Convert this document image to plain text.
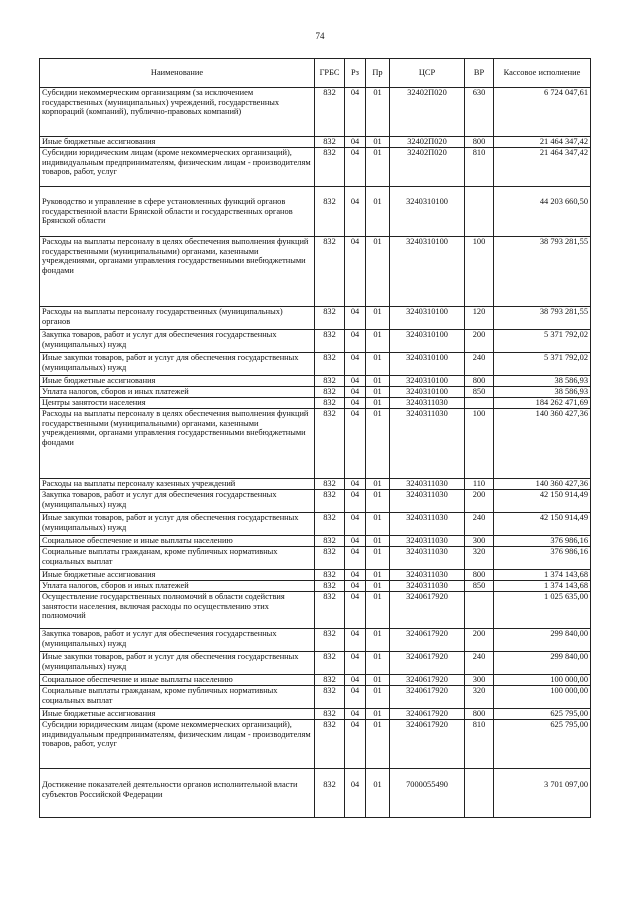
74
Наименование	ГРБС	Рз	Пр	ЦСР	ВР	Кассовое исполнение
Субсидии некоммерческим организациям (за исключением государственных (муниципальных) учреждений, государственных корпораций (компаний), публично-правовых компаний)	832	04	01	32402П020	630	6 724 047,61
Иные бюджетные ассигнования	832	04	01	32402П020	800	21 464 347,42
Субсидии юридическим лицам (кроме некоммерческих организаций), индивидуальным предпринимателям, физическим лицам - производителям товаров, работ, услуг	832	04	01	32402П020	810	21 464 347,42
Руководство и управление в сфере установленных функций органов государственной власти Брянской области и государственных органов Брянской области	832	04	01	3240310100		44 203 660,50
Расходы на выплаты персоналу в целях обеспечения выполнения функций государственными (муниципальными) органами, казенными учреждениями, органами управления государственными внебюджетными фондами	832	04	01	3240310100	100	38 793 281,55
Расходы на выплаты персоналу государственных (муниципальных) органов	832	04	01	3240310100	120	38 793 281,55
Закупка товаров, работ и услуг для обеспечения государственных (муниципальных) нужд	832	04	01	3240310100	200	5 371 792,02
Иные закупки товаров, работ и услуг для обеспечения государственных (муниципальных) нужд	832	04	01	3240310100	240	5 371 792,02
Иные бюджетные ассигнования	832	04	01	3240310100	800	38 586,93
Уплата налогов, сборов и иных платежей	832	04	01	3240310100	850	38 586,93
Центры занятости населения	832	04	01	3240311030		184 262 471,69
Расходы на выплаты персоналу в целях обеспечения выполнения функций государственными (муниципальными) органами, казенными учреждениями, органами управления государственными внебюджетными фондами	832	04	01	3240311030	100	140 360 427,36
Расходы на выплаты персоналу казенных учреждений	832	04	01	3240311030	110	140 360 427,36
Закупка товаров, работ и услуг для обеспечения государственных (муниципальных) нужд	832	04	01	3240311030	200	42 150 914,49
Иные закупки товаров, работ и услуг для обеспечения государственных (муниципальных) нужд	832	04	01	3240311030	240	42 150 914,49
Социальное обеспечение и иные выплаты населению	832	04	01	3240311030	300	376 986,16
Социальные выплаты гражданам, кроме публичных нормативных социальных выплат	832	04	01	3240311030	320	376 986,16
Иные бюджетные ассигнования	832	04	01	3240311030	800	1 374 143,68
Уплата налогов, сборов и иных платежей	832	04	01	3240311030	850	1 374 143,68
Осуществление государственных полномочий в области содействия занятости населения, включая расходы по осуществлению этих полномочий	832	04	01	3240617920		1 025 635,00
Закупка товаров, работ и услуг для обеспечения государственных (муниципальных) нужд	832	04	01	3240617920	200	299 840,00
Иные закупки товаров, работ и услуг для обеспечения государственных (муниципальных) нужд	832	04	01	3240617920	240	299 840,00
Социальное обеспечение и иные выплаты населению	832	04	01	3240617920	300	100 000,00
Социальные выплаты гражданам, кроме публичных нормативных социальных выплат	832	04	01	3240617920	320	100 000,00
Иные бюджетные ассигнования	832	04	01	3240617920	800	625 795,00
Субсидии юридическим лицам (кроме некоммерческих организаций), индивидуальным предпринимателям, физическим лицам - производителям товаров, работ, услуг	832	04	01	3240617920	810	625 795,00
Достижение показателей деятельности органов исполнительной власти субъектов Российской Федерации	832	04	01	7000055490		3 701 097,00
